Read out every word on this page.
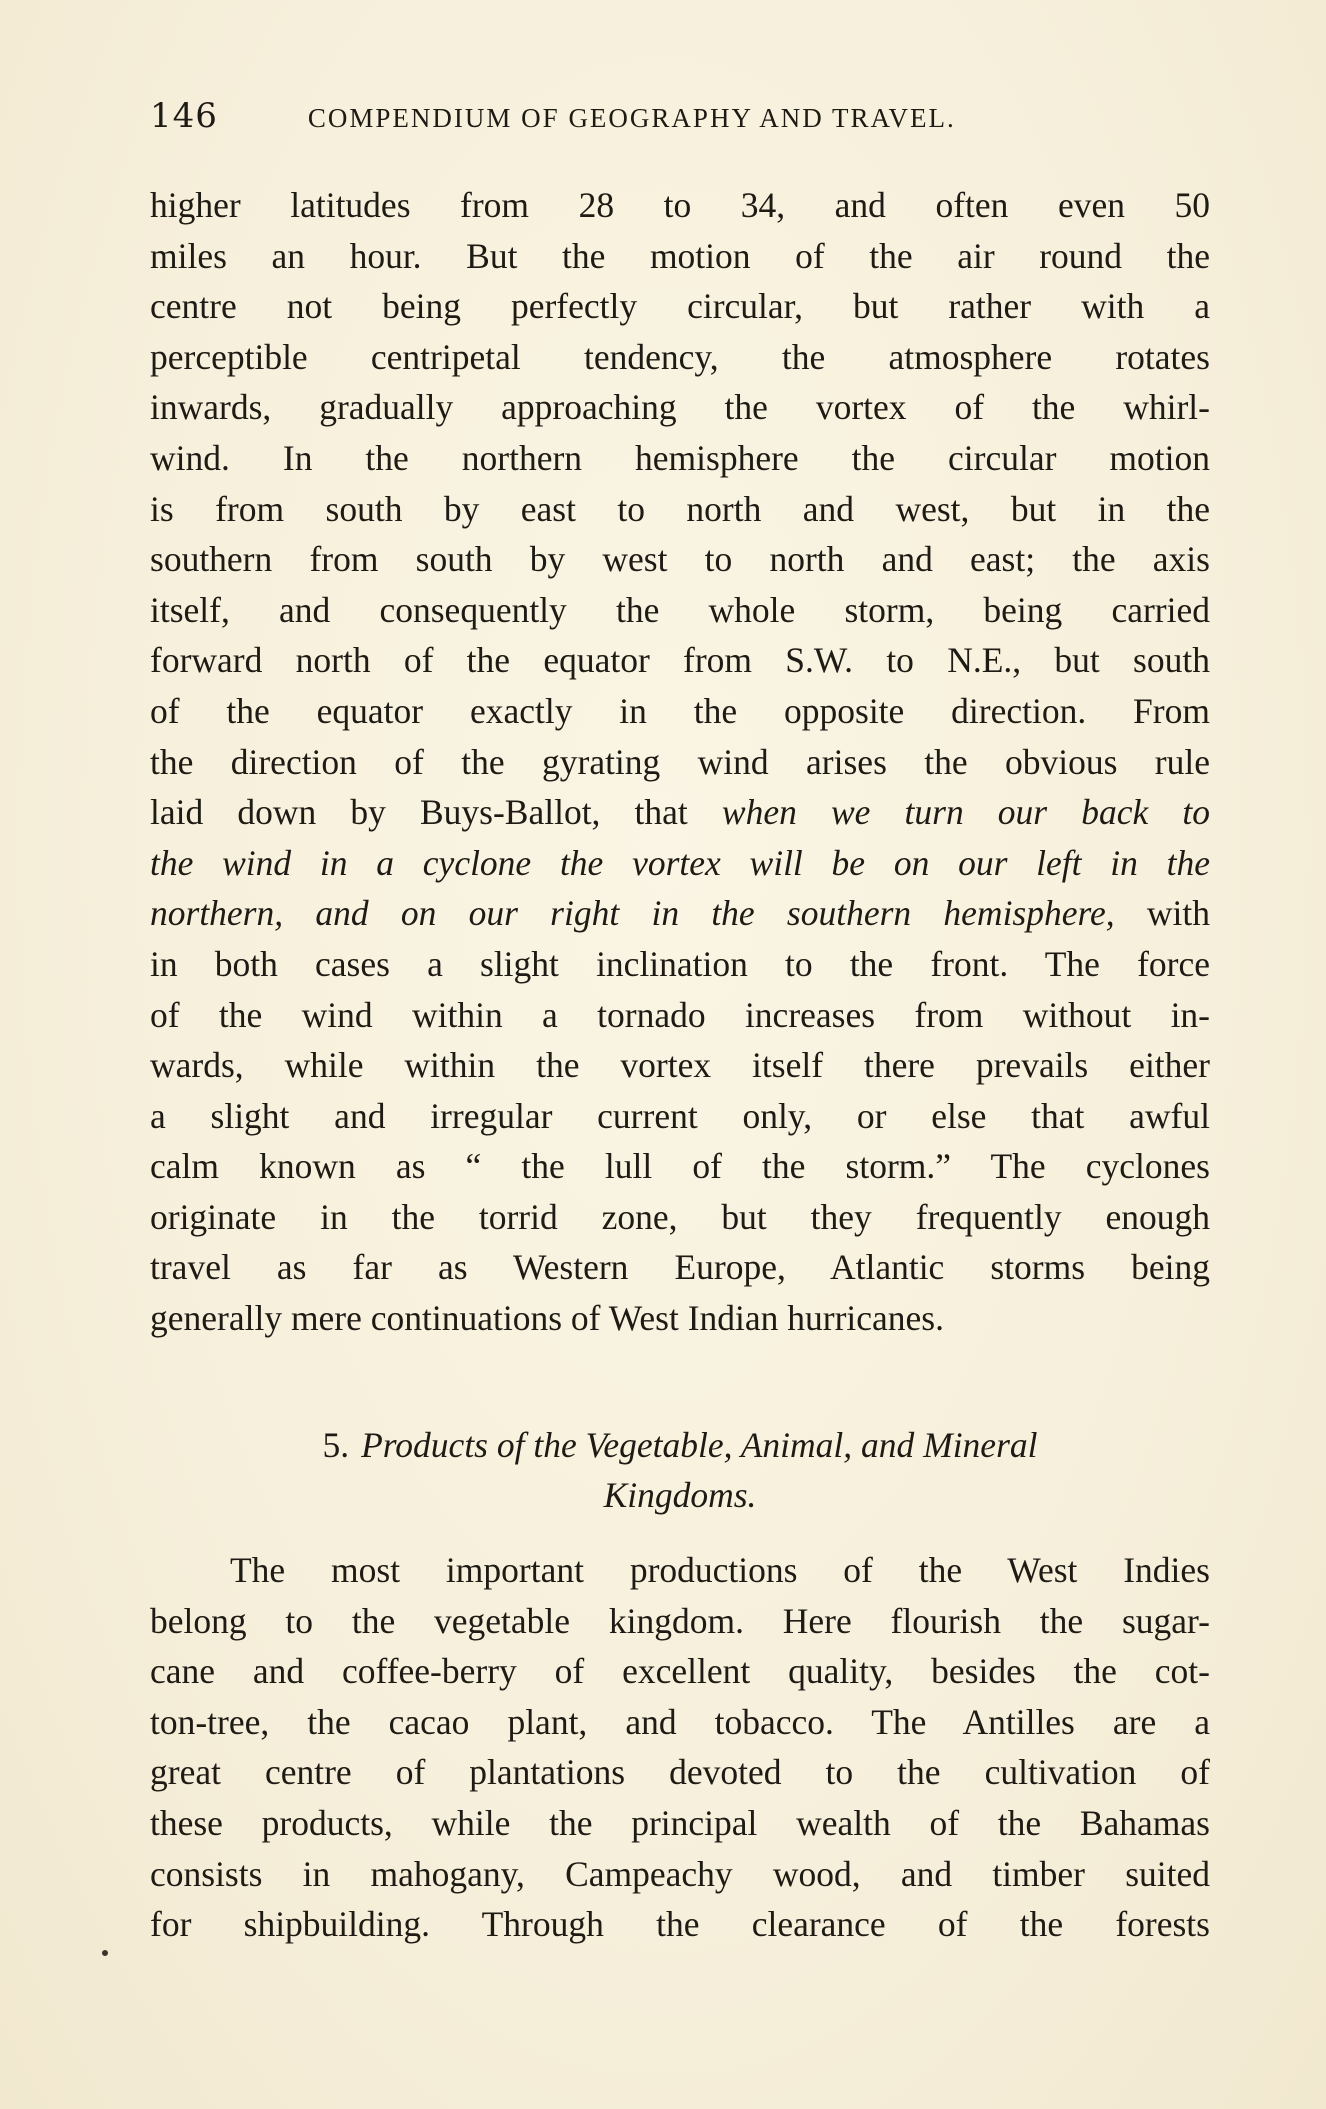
146	COMPENDIUM OF GEOGRAPHY AND TRAVEL.
higher latitudes from 28 to 34, and often even 50
miles an hour. But the motion of the air round the
centre not being perfectly circular, but rather with a
perceptible centripetal tendency, the atmosphere rotates
inwards, gradually approaching the vortex of the whirl-
wind. In the northern hemisphere the circular motion
is from south by east to north and west, but in the
southern from south by west to north and east; the axis
itself, and consequently the whole storm, being carried
forward north of the equator from S.W. to N.E., but south
of the equator exactly in the opposite direction. From
the direction of the gyrating wind arises the obvious rule
laid down by Buys-Ballot, that when we turn our back to
the wind in a cyclone the vortex will be on our left in the
northern, and on our right in the southern hemisphere, with
in both cases a slight inclination to the front. The force
of the wind within a tornado increases from without in-
wards, while within the vortex itself there prevails either
a slight and irregular current only, or else that awful
calm known as “ the lull of the storm.” The cyclones
originate in the torrid zone, but they frequently enough
travel as far as Western Europe, Atlantic storms being
generally mere continuations of West Indian hurricanes.
5. Products of the Vegetable, Animal, and Mineral
Kingdoms.
The most important productions of the West Indies
belong to the vegetable kingdom. Here flourish the sugar-
cane and coffee-berry of excellent quality, besides the cot-
ton-tree, the cacao plant, and tobacco. The Antilles are a
great centre of plantations devoted to the cultivation of
these products, while the principal wealth of the Bahamas
consists in mahogany, Campeachy wood, and timber suited
for shipbuilding. Through the clearance of the forests
